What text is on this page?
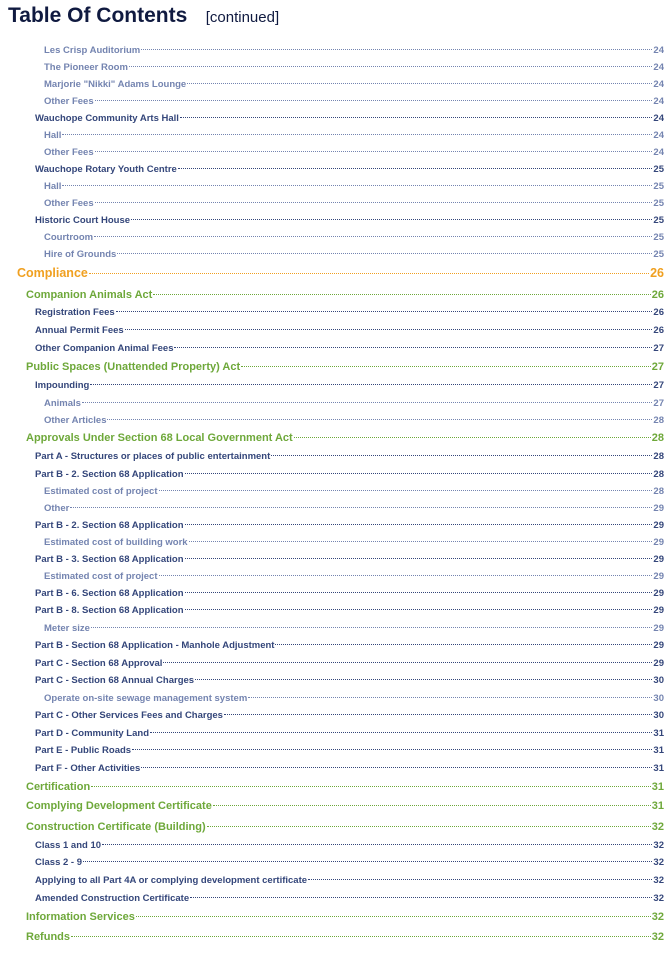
Table Of Contents [continued]
Les Crisp Auditorium	24
The Pioneer Room	24
Marjorie "Nikki" Adams Lounge	24
Other Fees	24
Wauchope Community Arts Hall	24
Hall	24
Other Fees	24
Wauchope Rotary Youth Centre	25
Hall	25
Other Fees	25
Historic Court House	25
Courtroom	25
Hire of Grounds	25
Compliance	26
Companion Animals Act	26
Registration Fees	26
Annual Permit Fees	26
Other Companion Animal Fees	27
Public Spaces (Unattended Property) Act	27
Impounding	27
Animals	27
Other Articles	28
Approvals Under Section 68 Local Government Act	28
Part A - Structures or places of public entertainment	28
Part B - 2. Section 68 Application	28
Estimated cost of project	28
Other	29
Part B - 2. Section 68 Application	29
Estimated cost of building work	29
Part B - 3. Section 68 Application	29
Estimated cost of project	29
Part B - 6. Section 68 Application	29
Part B - 8. Section 68 Application	29
Meter size	29
Part B - Section 68 Application - Manhole Adjustment	29
Part C - Section 68 Approval	29
Part C - Section 68 Annual Charges	30
Operate on-site sewage management system	30
Part C - Other Services Fees and Charges	30
Part D - Community Land	31
Part E - Public Roads	31
Part F - Other Activities	31
Certification	31
Complying Development Certificate	31
Construction Certificate (Building)	32
Class 1 and 10	32
Class 2 - 9	32
Applying to all Part 4A or complying development certificate	32
Amended Construction Certificate	32
Information Services	32
Refunds	32
